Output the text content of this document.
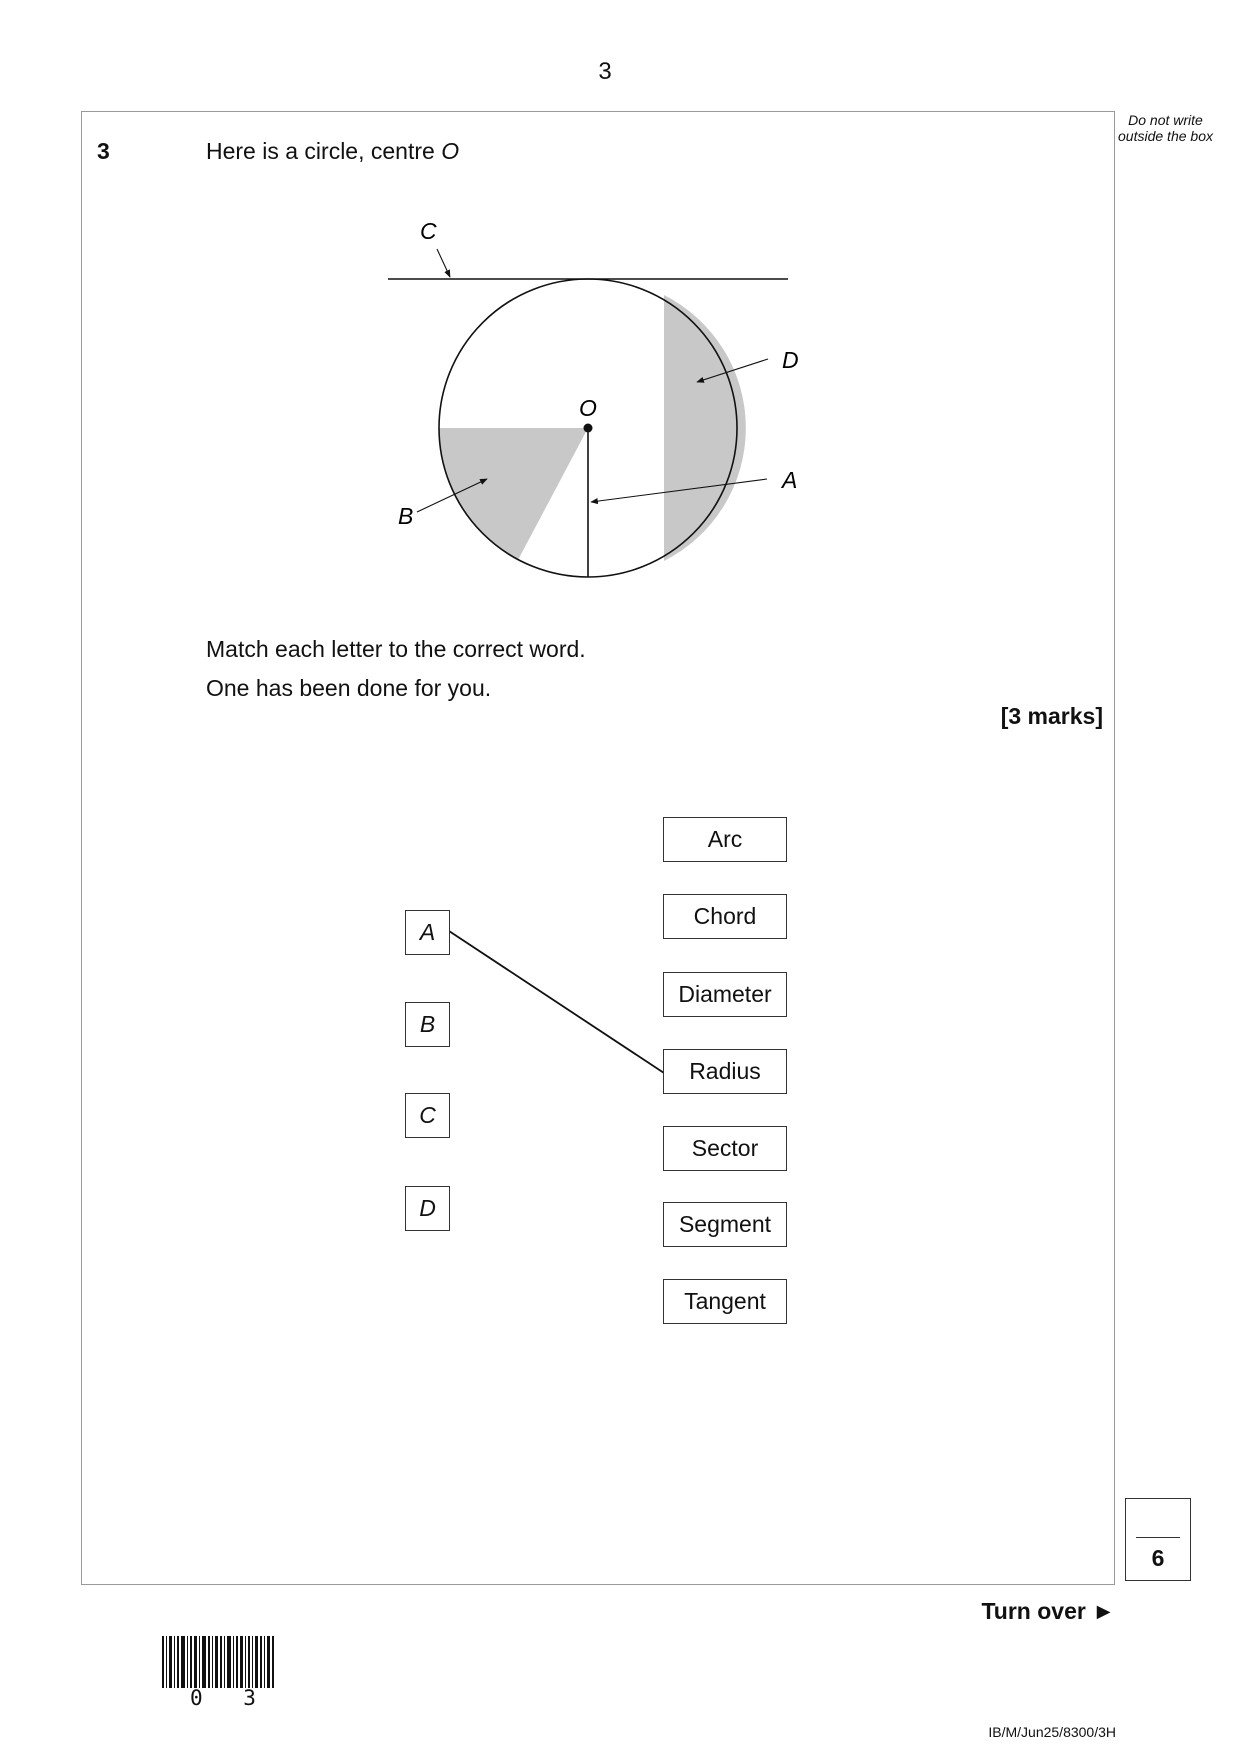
3
Do not write outside the box
3	Here is a circle, centre O
C
D
O
A
B
Match each letter to the correct word.
One has been done for you.
[3 marks]
A
B
C
D
Arc
Chord
Diameter
Radius
Sector
Segment
Tangent
6
Turn over ►
0 3
IB/M/Jun25/8300/3H
